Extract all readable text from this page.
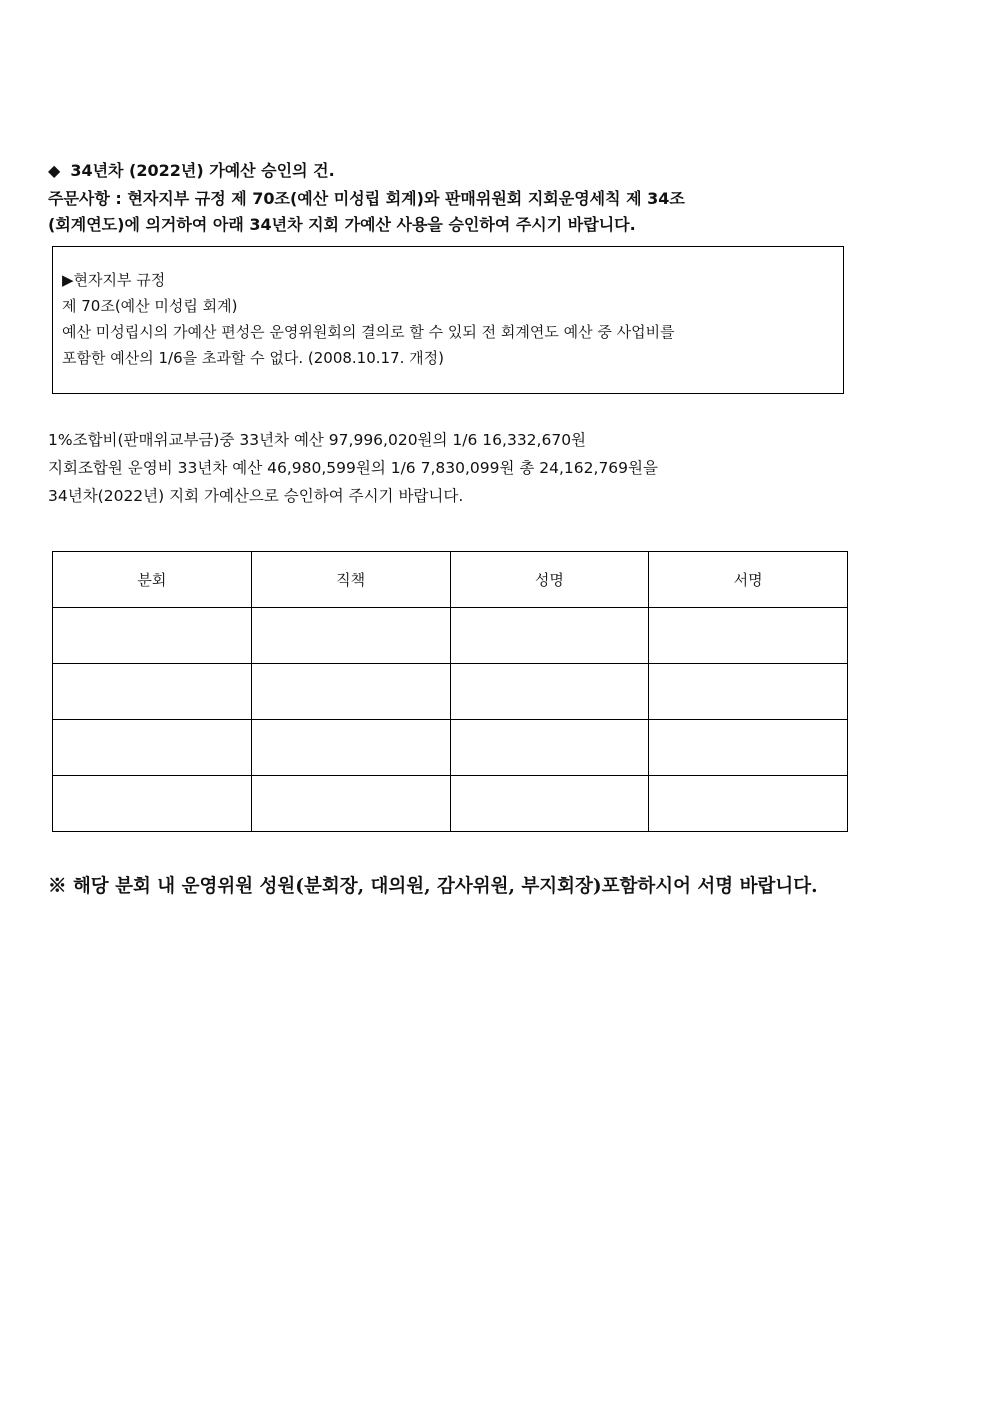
◆ 34년차 (2022년) 가예산 승인의 건.
주문사항 : 현자지부 규정 제 70조(예산 미성립 회계)와 판매위원회 지회운영세칙 제 34조
(회계연도)에 의거하여 아래 34년차 지회 가예산 사용을 승인하여 주시기 바랍니다.
▶현자지부 규정
제 70조(예산 미성립 회계)
예산 미성립시의 가예산 편성은 운영위원회의 결의로 할 수 있되 전 회계연도 예산 중 사업비를
포함한 예산의 1/6을 초과할 수 없다. (2008.10.17. 개정)
1%조합비(판매위교부금)중 33년차 예산 97,996,020원의 1/6 16,332,670원
지회조합원 운영비 33년차 예산 46,980,599원의 1/6 7,830,099원 총 24,162,769원을
34년차(2022년) 지회 가예산으로 승인하여 주시기 바랍니다.
분회	직책	성명	서명

※ 해당 분회 내 운영위원 성원(분회장, 대의원, 감사위원, 부지회장)포함하시어 서명 바랍니다.
